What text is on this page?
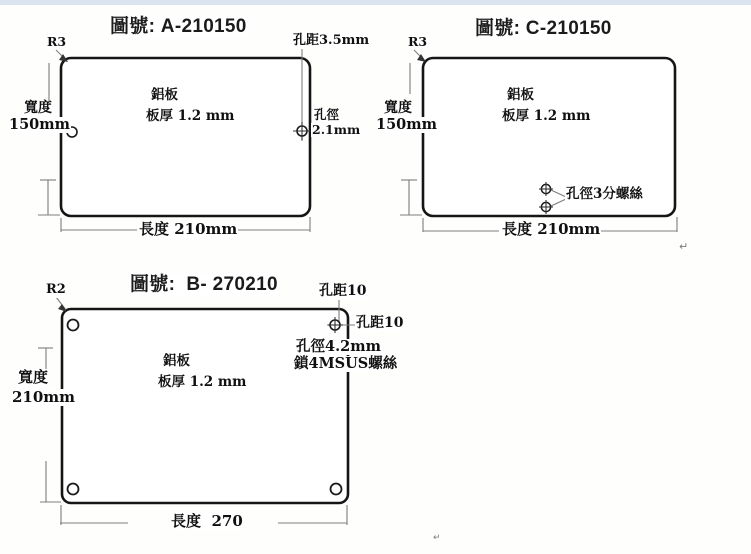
圖號: A-210150
R3	孔距3.5mm
寬度
150mm
鋁板
板厚 1.2 mm	孔徑
2.1mm
長度 210mm
圖號: C-210150
R3
寬度
150mm
鋁板
板厚 1.2 mm
孔徑3分螺絲
長度 210mm
↵
圖號:  B- 270210
R2	孔距10
孔距10
孔徑4.2mm
鎖4MSUS螺絲
鋁板
板厚 1.2 mm
寬度
210mm
長度  270
↵
